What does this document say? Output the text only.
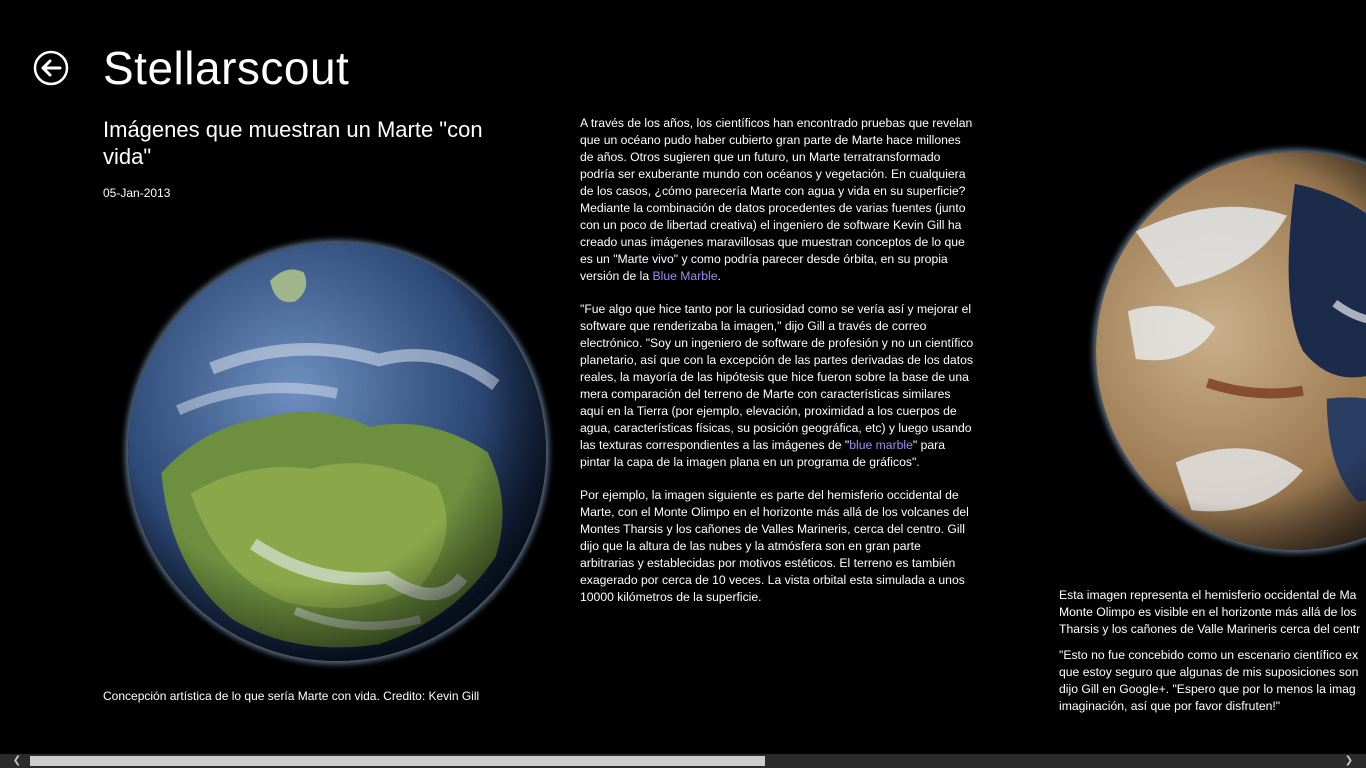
Stellarscout
Imágenes que muestran un Marte "con vida"
05-Jan-2013
Concepción artística de lo que sería Marte con vida. Credito: Kevin Gill

A través de los años, los científicos han encontrado pruebas que revelan que un océano pudo haber cubierto gran parte de Marte hace millones de años. Otros sugieren que un futuro, un Marte terratransformado podría ser exuberante mundo con océanos y vegetación. En cualquiera de los casos, ¿cómo parecería Marte con agua y vida en su superficie? Mediante la combinación de datos procedentes de varias fuentes (junto con un poco de libertad creativa) el ingeniero de software Kevin Gill ha creado unas imágenes maravillosas que muestran conceptos de lo que es un "Marte vivo" y como podría parecer desde órbita, en su propia versión de la Blue Marble.

"Fue algo que hice tanto por la curiosidad como se vería así y mejorar el software que renderizaba la imagen," dijo Gill a través de correo electrónico. "Soy un ingeniero de software de profesión y no un científico planetario, así que con la excepción de las partes derivadas de los datos reales, la mayoría de las hipótesis que hice fueron sobre la base de una mera comparación del terreno de Marte con características similares aquí en la Tierra (por ejemplo, elevación, proximidad a los cuerpos de agua, características físicas, su posición geográfica, etc) y luego usando las texturas correspondientes a las imágenes de "blue marble" para pintar la capa de la imagen plana en un programa de gráficos".

Por ejemplo, la imagen siguiente es parte del hemisferio occidental de Marte, con el Monte Olimpo en el horizonte más allá de los volcanes del Montes Tharsis y los cañones de Valles Marineris, cerca del centro. Gill dijo que la altura de las nubes y la atmósfera son en gran parte arbitrarias y establecidas por motivos estéticos. El terreno es también exagerado por cerca de 10 veces. La vista orbital esta simulada a unos 10000 kilómetros de la superficie.	Esta imagen representa el hemisferio occidental de Ma
Monte Olimpo es visible en el horizonte más allá de los
Tharsis y los cañones de Valle Marineris cerca del centr

"Esto no fue concebido como un escenario científico ex
que estoy seguro que algunas de mis suposiciones son
dijo Gill en Google+. "Espero que por lo menos la imag
imaginación, así que por favor disfruten!"

❮	❯
